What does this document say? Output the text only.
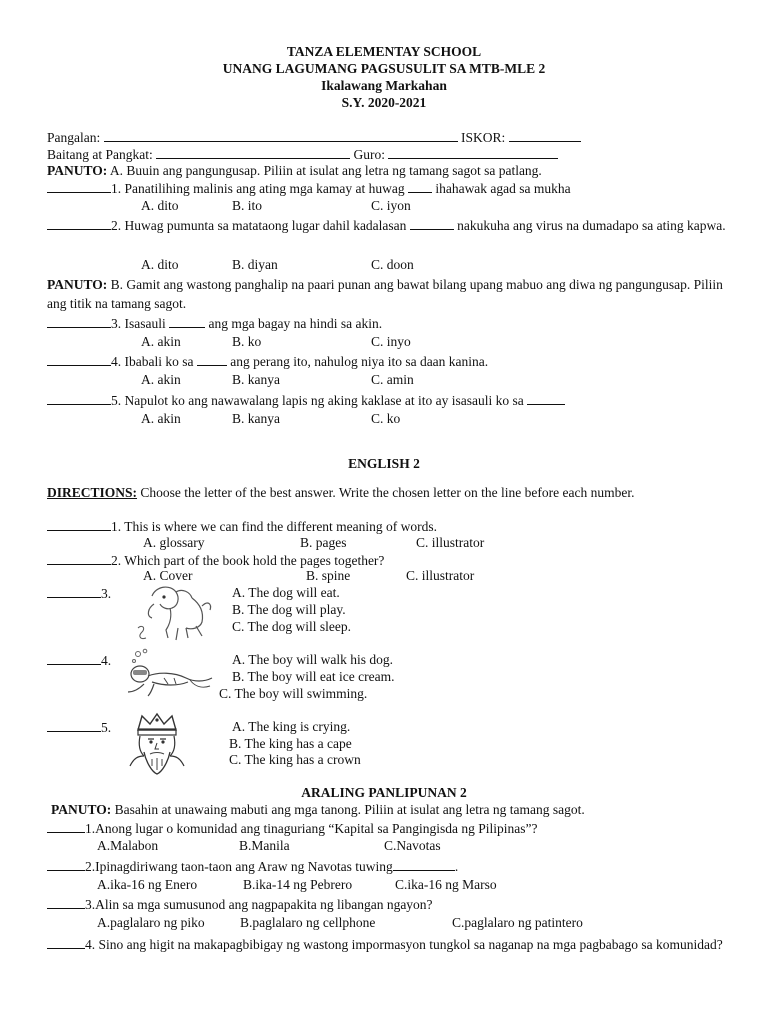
TANZA ELEMENTAY SCHOOL
UNANG LAGUMANG PAGSUSULIT SA MTB-MLE 2
Ikalawang Markahan
S.Y. 2020-2021
Pangalan:	ISKOR:
Baitang at Pangkat:	Guro:
PANUTO: A. Buuin ang pangungusap. Piliin at isulat ang letra ng tamang sagot sa patlang.
1. Panatilihing malinis ang ating mga kamay at huwag ihahawak agad sa mukha
A. dito	B. ito	C. iyon
2. Huwag pumunta sa matataong lugar dahil kadalasan	nakukuha ang virus na dumadapo sa ating kapwa.
A. dito	B. diyan	C. doon
PANUTO: B. Gamit ang wastong panghalip na paari punan ang bawat bilang upang mabuo ang diwa ng pangungusap. Piliin ang titik na tamang sagot.
3. Isasauli	ang mga bagay na hindi sa akin.
A. akin	B. ko	C. inyo
4. Ibabali ko sa	ang perang ito, nahulog niya ito sa daan kanina.
A. akin	B. kanya	C. amin
5. Napulot ko ang nawawalang lapis ng aking kaklase at ito ay isasauli ko sa
A. akin	B. kanya	C. ko
ENGLISH 2
DIRECTIONS: Choose the letter of the best answer. Write the chosen letter on the line before each number.
1. This is where we can find the different meaning of words.
A. glossary	B. pages	C. illustrator
2. Which part of the book hold the pages together?
A. Cover	B. spine	C. illustrator
3.	A. The dog will eat.
B. The dog will play.
C. The dog will sleep.
4.	A. The boy will walk his dog.
B. The boy will eat ice cream.
C. The boy will swimming.
5.	A. The king is crying.
B. The king has a cape
C. The king has a crown
ARALING PANLIPUNAN 2
PANUTO: Basahin at unawaing mabuti ang mga tanong. Piliin at isulat ang letra ng tamang sagot.
1.Anong lugar o komunidad ang tinaguriang “Kapital sa Pangingisda ng Pilipinas”?
A.Malabon	B.Manila	C.Navotas
2.Ipinagdiriwang taon-taon ang Araw ng Navotas tuwing	.
A.ika-16 ng Enero	B.ika-14 ng Pebrero	C.ika-16 ng Marso
3.Alin sa mga sumusunod ang nagpapakita ng libangan ngayon?
A.paglalaro ng piko	B.paglalaro ng cellphone	C.paglalaro ng patintero
4. Sino ang higit na makapagbibigay ng wastong impormasyon tungkol sa naganap na mga pagbabago sa komunidad?
